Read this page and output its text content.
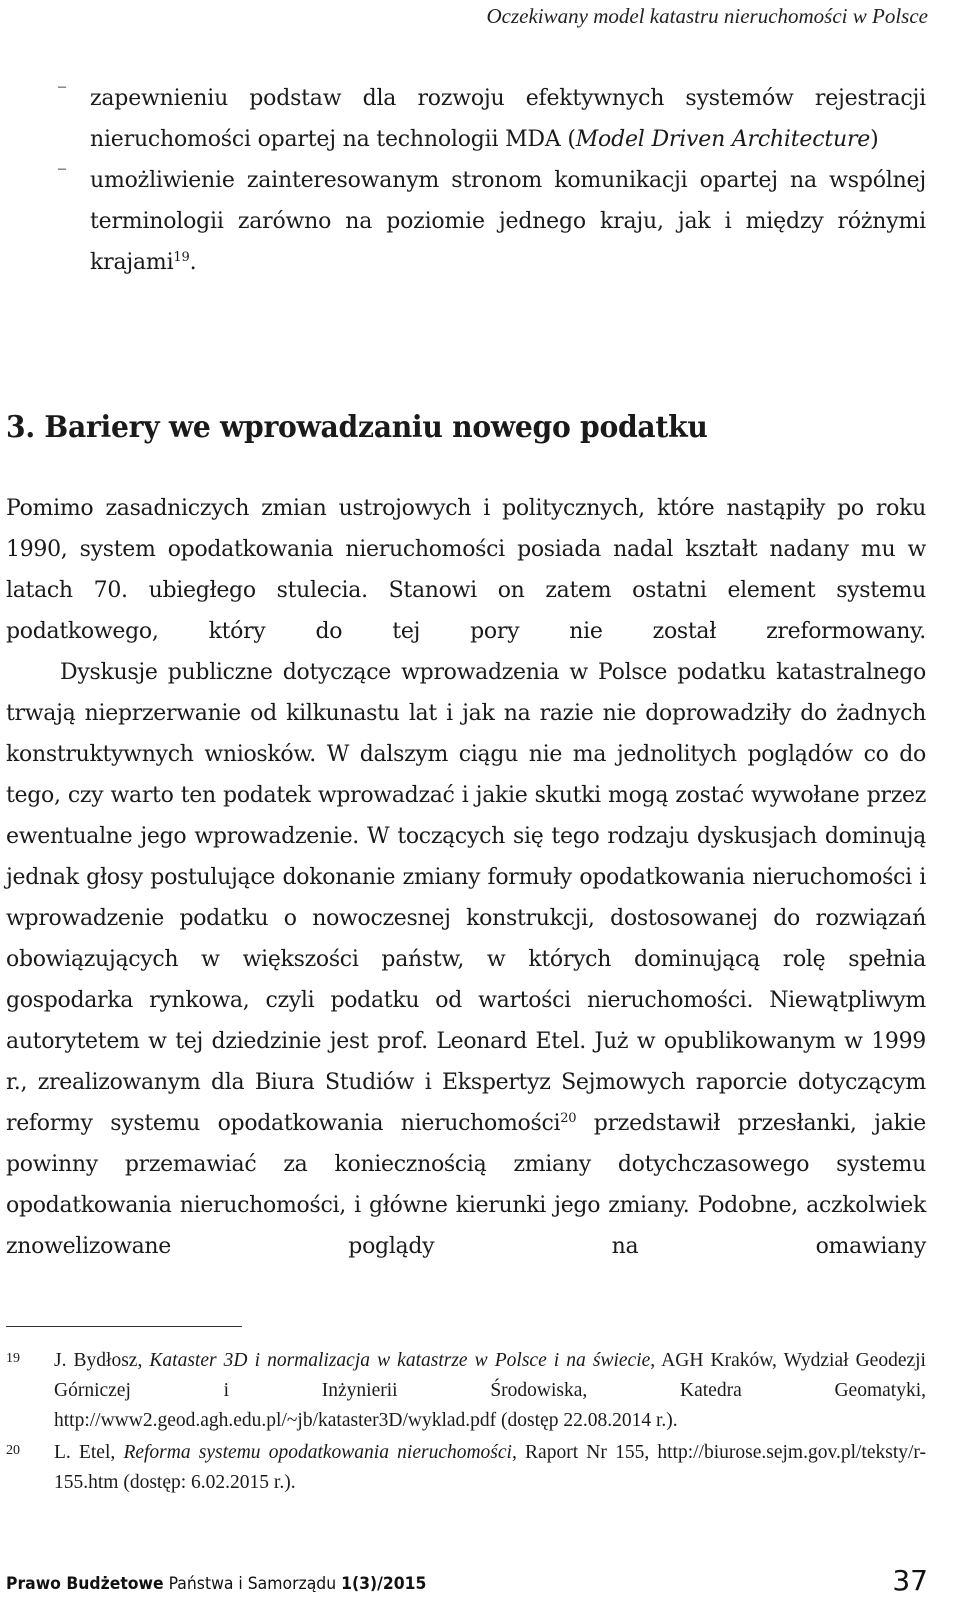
Oczekiwany model katastru nieruchomości w Polsce
– zapewnieniu podstaw dla rozwoju efektywnych systemów rejestracji nieruchomości opartej na technologii MDA (Model Driven Architecture)
– umożliwienie zainteresowanym stronom komunikacji opartej na wspólnej terminologii zarówno na poziomie jednego kraju, jak i między różnymi krajami$^{19}$.
3. Bariery we wprowadzaniu nowego podatku

Pomimo zasadniczych zmian ustrojowych i politycznych, które nastąpiły po roku 1990, system opodatkowania nieruchomości posiada nadal kształt nadany mu w latach 70. ubiegłego stulecia. Stanowi on zatem ostatni element systemu podatkowego, który do tej pory nie został zreformowany.

Dyskusje publiczne dotyczące wprowadzenia w Polsce podatku katastralnego trwają nieprzerwanie od kilkunastu lat i jak na razie nie doprowadziły do żadnych konstruktywnych wniosków. W dalszym ciągu nie ma jednolitych poglądów co do tego, czy warto ten podatek wprowadzać i jakie skutki mogą zostać wywołane przez ewentualne jego wprowadzenie. W toczących się tego rodzaju dyskusjach dominują jednak głosy postulujące dokonanie zmiany formuły opodatkowania nieruchomości i wprowadzenie podatku o nowoczesnej konstrukcji, dostosowanej do rozwiązań obowiązujących w większości państw, w których dominującą rolę spełnia gospodarka rynkowa, czyli podatku od wartości nieruchomości. Niewątpliwym autorytetem w tej dziedzinie jest prof. Leonard Etel. Już w opublikowanym w 1999 r., zrealizowanym dla Biura Studiów i Ekspertyz Sejmowych raporcie dotyczącym reformy systemu opodatkowania nieruchomości$^{20}$ przedstawił przesłanki, jakie powinny przemawiać za koniecznością zmiany dotychczasowego systemu opodatkowania nieruchomości, i główne kierunki jego zmiany. Podobne, aczkolwiek znowelizowane poglądy na omawiany

19 J. Bydłosz, Kataster 3D i normalizacja w katastrze w Polsce i na świecie, AGH Kraków, Wydział Geodezji Górniczej i Inżynierii Środowiska, Katedra Geomatyki, http://www2.geod.agh.edu.pl/~jb/kataster3D/wyklad.pdf (dostęp 22.08.2014 r.).
20 L. Etel, Reforma systemu opodatkowania nieruchomości, Raport Nr 155, http://biurose.sejm.gov.pl/teksty/r-155.htm (dostęp: 6.02.2015 r.).
Prawo Budżetowe Państwa i Samorządu 1(3)/2015	37
